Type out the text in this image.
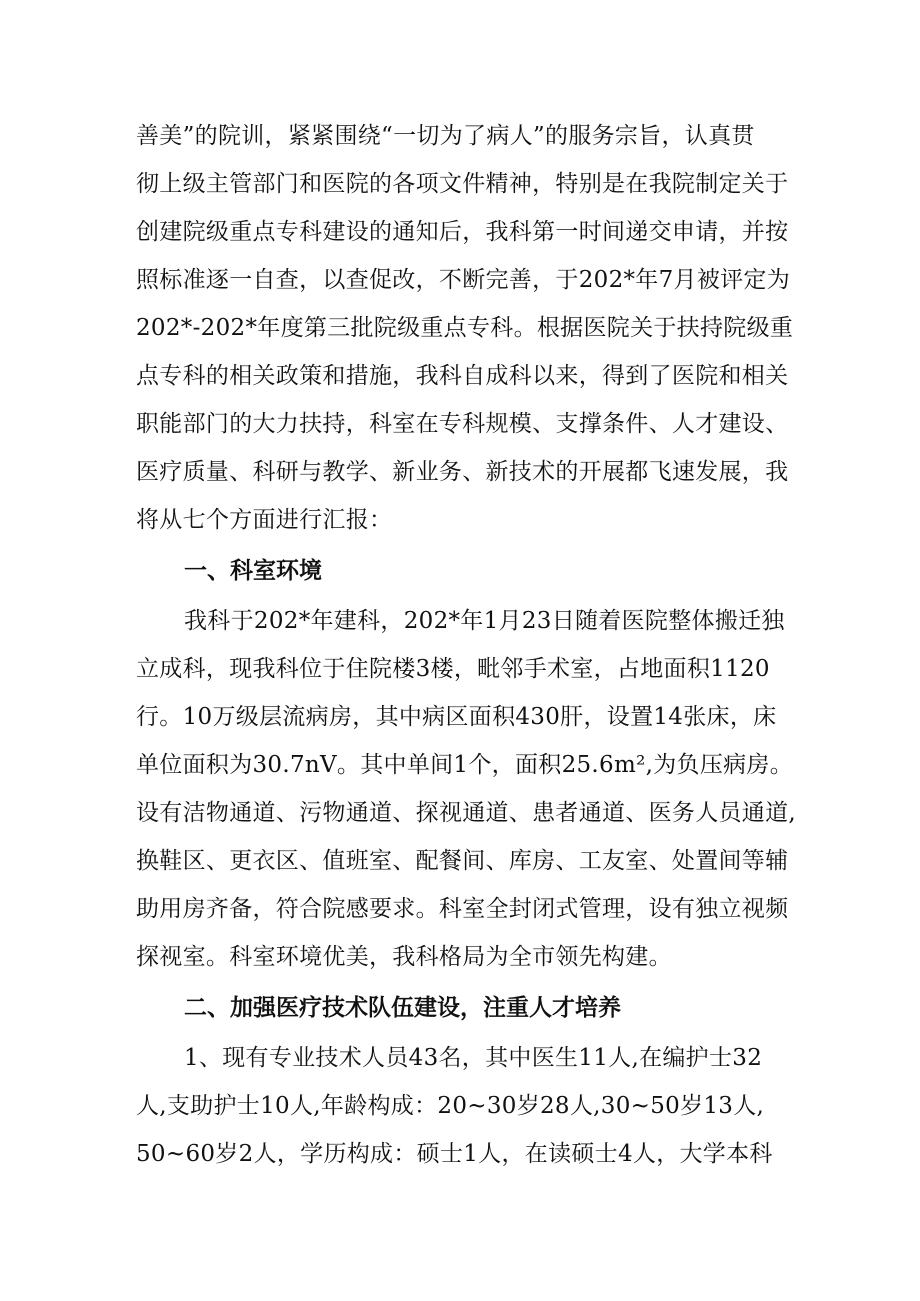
善美”的院训，紧紧围绕“一切为了病人”的服务宗旨，认真贯
彻上级主管部门和医院的各项文件精神，特别是在我院制定关于
创建院级重点专科建设的通知后，我科第一时间递交申请，并按
照标准逐一自查，以查促改，不断完善，于202*年7月被评定为
202*-202*年度第三批院级重点专科。根据医院关于扶持院级重
点专科的相关政策和措施，我科自成科以来，得到了医院和相关
职能部门的大力扶持，科室在专科规模、支撑条件、人才建设、
医疗质量、科研与教学、新业务、新技术的开展都飞速发展，我
将从七个方面进行汇报：
一、科室环境
我科于202*年建科，202*年1月23日随着医院整体搬迁独
立成科，现我科位于住院楼3楼，毗邻手术室，占地面积1120
行。10万级层流病房，其中病区面积430肝，设置14张床，床
单位面积为30.7nV。其中单间1个，面积25.6m²,为负压病房。
设有洁物通道、污物通道、探视通道、患者通道、医务人员通道,
换鞋区、更衣区、值班室、配餐间、库房、工友室、处置间等辅
助用房齐备，符合院感要求。科室全封闭式管理，设有独立视频
探视室。科室环境优美，我科格局为全市领先构建。
二、加强医疗技术队伍建设，注重人才培养
1、现有专业技术人员43名，其中医生11人,在编护士32
人,支助护士10人,年龄构成：20~30岁28人,30~50岁13人,
50~60岁2人，学历构成：硕士1人，在读硕士4人，大学本科
